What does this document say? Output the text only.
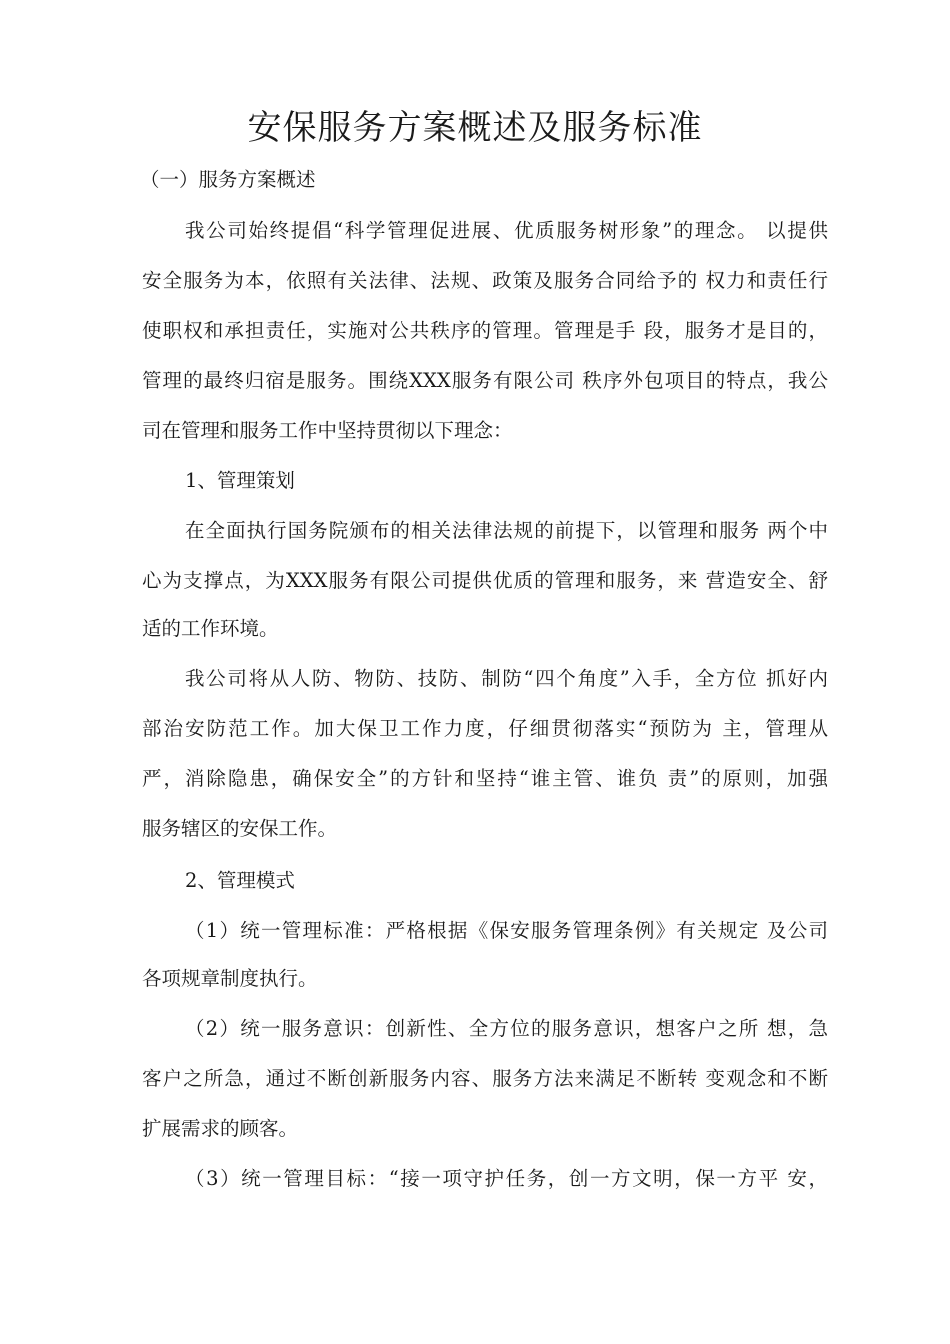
安保服务方案概述及服务标准
（一）服务方案概述
我公司始终提倡“科学管理促进展、优质服务树形象”的理念。 以提供
安全服务为本，依照有关法律、法规、政策及服务合同给予的 权力和责任行
使职权和承担责任，实施对公共秩序的管理。管理是手 段，服务才是目的，
管理的最终归宿是服务。围绕XXX服务有限公司 秩序外包项目的特点，我公
司在管理和服务工作中坚持贯彻以下理念：
1、管理策划
在全面执行国务院颁布的相关法律法规的前提下，以管理和服务 两个中
心为支撑点，为XXX服务有限公司提供优质的管理和服务，来 营造安全、舒
适的工作环境。
我公司将从人防、物防、技防、制防“四个角度”入手，全方位 抓好内
部治安防范工作。加大保卫工作力度，仔细贯彻落实“预防为 主，管理从
严，消除隐患，确保安全”的方针和坚持“谁主管、谁负 责”的原则，加强
服务辖区的安保工作。
2、管理模式
（1）统一管理标准：严格根据《保安服务管理条例》有关规定 及公司
各项规章制度执行。
（2）统一服务意识：创新性、全方位的服务意识，想客户之所 想，急
客户之所急，通过不断创新服务内容、服务方法来满足不断转 变观念和不断
扩展需求的顾客。
（3）统一管理目标：“接一项守护任务，创一方文明，保一方平 安，
